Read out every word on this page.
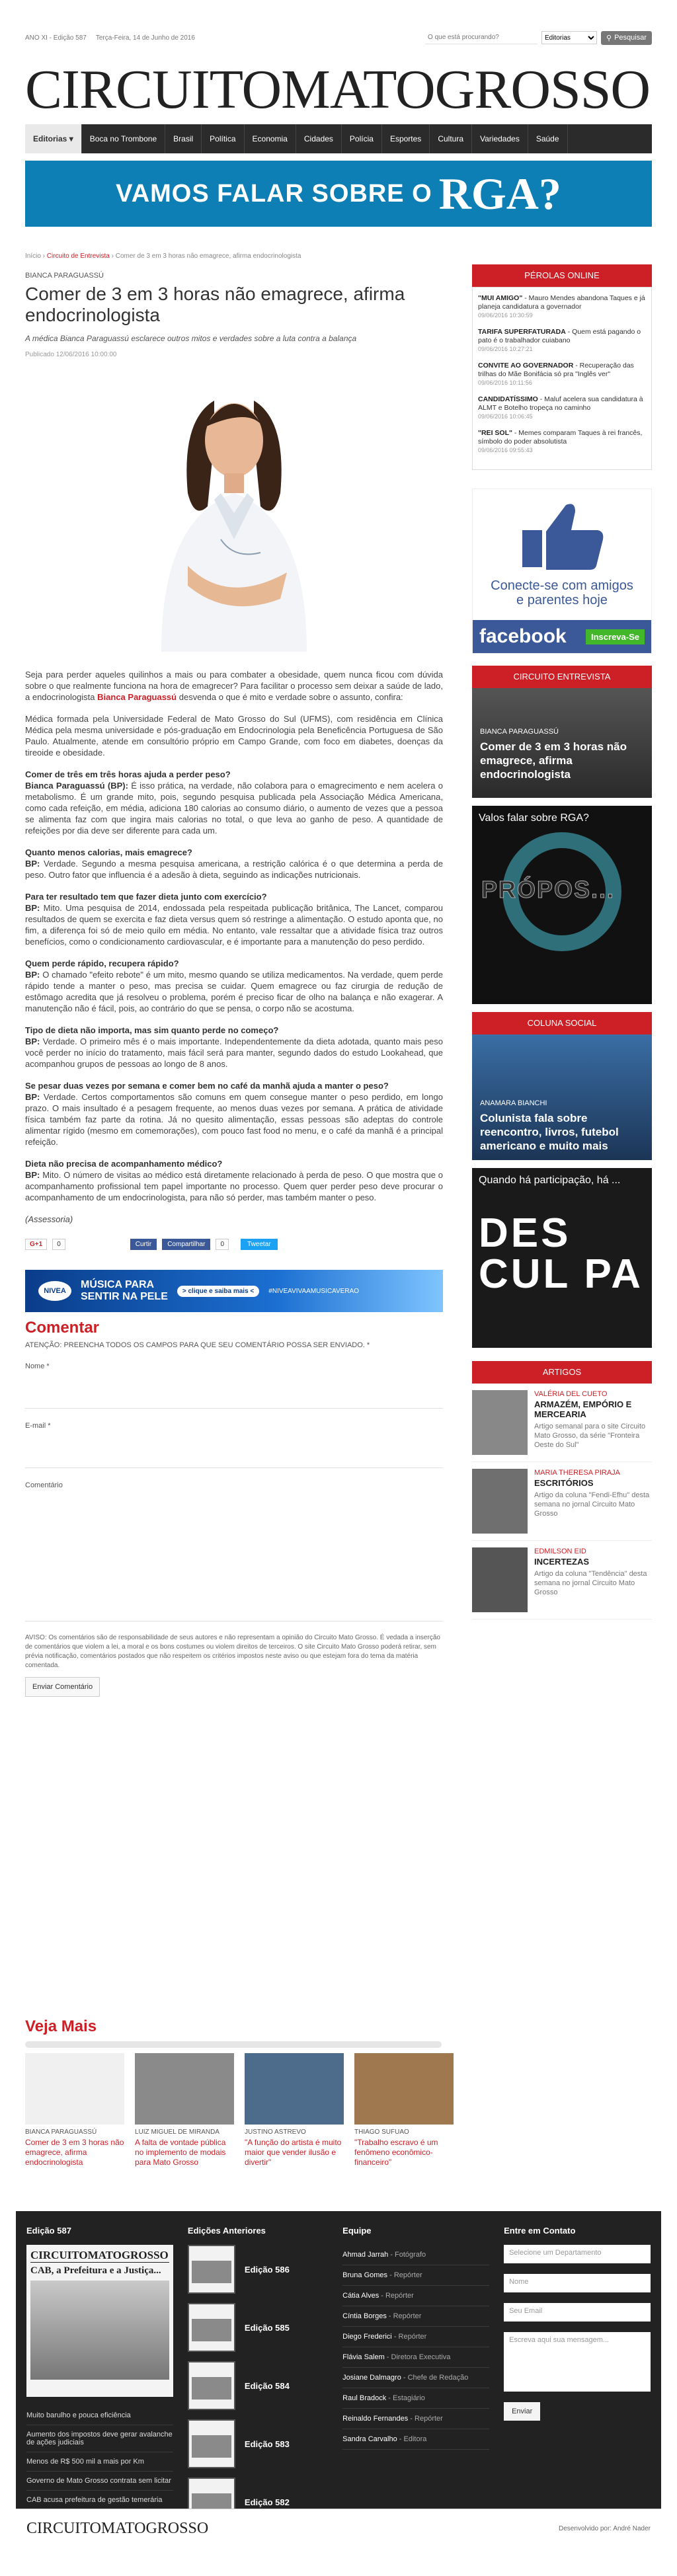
ANO XI - Edição 587 Terça-Feira, 14 de Junho de 2016
O que está procurando?
Editorias	⚲ Pesquisar
CIRCUITOMATOGROSSO
Editorias
▾	Boca no Trombone	Brasil	Política	Economia	Cidades	Polícia	Esportes	Cultura	Variedades	Saúde
VAMOS FALAR SOBRE O RGA?
Início › Circuito de Entrevista › Comer de 3 em 3 horas não emagrece, afirma endocrinologista
BIANCA PARAGUASSÚ
Comer de 3 em 3 horas não emagrece, afirma endocrinologista
A médica Bianca Paraguassú esclarece outros mitos e verdades sobre a luta contra a balança
Publicado 12/06/2016 10:00:00

Seja para perder aqueles quilinhos a mais ou para combater a obesidade, quem nunca ficou com dúvida sobre o que realmente funciona na hora de emagrecer? Para facilitar o processo sem deixar a saúde de lado, a endocrinologista Bianca Paraguassú desvenda o que é mito e verdade sobre o assunto, confira:

Médica formada pela Universidade Federal de Mato Grosso do Sul (UFMS), com residência em Clínica Médica pela mesma universidade e pós-graduação em Endocrinologia pela Beneficência Portuguesa de São Paulo. Atualmente, atende em consultório próprio em Campo Grande, com foco em diabetes, doenças da tireoide e obesidade.

Comer de três em três horas ajuda a perder peso?
Bianca Paraguassú (BP): É isso prática, na verdade, não colabora para o emagrecimento e nem acelera o metabolismo. É um grande mito, pois, segundo pesquisa publicada pela Associação Médica Americana, como cada refeição, em média, adiciona 180 calorias ao consumo diário, o aumento de vezes que a pessoa se alimenta faz com que ingira mais calorias no total, o que leva ao ganho de peso. A quantidade de refeições por dia deve ser diferente para cada um.

Quanto menos calorias, mais emagrece?
BP: Verdade. Segundo a mesma pesquisa americana, a restrição calórica é o que determina a perda de peso. Outro fator que influencia é a adesão à dieta, seguindo as indicações nutricionais.

Para ter resultado tem que fazer dieta junto com exercício?
BP: Mito. Uma pesquisa de 2014, endossada pela respeitada publicação britânica, The Lancet, comparou resultados de quem se exercita e faz dieta versus quem só restringe a alimentação. O estudo aponta que, no fim, a diferença foi só de meio quilo em média. No entanto, vale ressaltar que a atividade física traz outros benefícios, como o condicionamento cardiovascular, e é importante para a manutenção do peso perdido.

Quem perde rápido, recupera rápido?
BP: O chamado "efeito rebote" é um mito, mesmo quando se utiliza medicamentos. Na verdade, quem perde rápido tende a manter o peso, mas precisa se cuidar. Quem emagrece ou faz cirurgia de redução de estômago acredita que já resolveu o problema, porém é preciso ficar de olho na balança e não exagerar. A manutenção não é fácil, pois, ao contrário do que se pensa, o corpo não se acostuma.

Tipo de dieta não importa, mas sim quanto perde no começo?
BP: Verdade. O primeiro mês é o mais importante. Independentemente da dieta adotada, quanto mais peso você perder no início do tratamento, mais fácil será para manter, segundo dados do estudo Lookahead, que acompanhou grupos de pessoas ao longo de 8 anos.

Se pesar duas vezes por semana e comer bem no café da manhã ajuda a manter o peso?
BP: Verdade. Certos comportamentos são comuns em quem consegue manter o peso perdido, em longo prazo. O mais insultado é a pesagem frequente, ao menos duas vezes por semana. A prática de atividade física também faz parte da rotina. Já no quesito alimentação, essas pessoas são adeptas do controle alimentar rígido (mesmo em comemorações), com pouco fast food no menu, e o café da manhã é a principal refeição.

Dieta não precisa de acompanhamento médico?
BP: Mito. O número de visitas ao médico está diretamente relacionado à perda de peso. O que mostra que o acompanhamento profissional tem papel importante no processo. Quem quer perder peso deve procurar o acompanhamento de um endocrinologista, para não só perder, mas também manter o peso.

(Assessoria)

G+1	0	Curtir	Compartilhar	0	Tweetar
NIVEA
MÚSICA PARA
SENTIR NA PELE	> clique e saiba mais <	#NIVEAVIVAAMUSICAVERAO
Comentar
ATENÇÃO: PREENCHA TODOS OS CAMPOS PARA QUE SEU COMENTÁRIO POSSA SER ENVIADO. *
Nome *
E-mail *
Comentário
AVISO: Os comentários são de responsabilidade de seus autores e não representam a opinião do Circuito Mato Grosso. É vedada a inserção de comentários que violem a lei, a moral e os bons costumes ou violem direitos de terceiros. O site Circuito Mato Grosso poderá retirar, sem prévia notificação, comentários postados que não respeitem os critérios impostos neste aviso ou que estejam fora do tema da matéria comentada.
Enviar Comentário
PÉROLAS ONLINE
"MUI AMIGO" - Mauro Mendes abandona Taques e já planeja candidatura a governador
09/06/2016 10:30:59
TARIFA SUPERFATURADA - Quem está pagando o pato é o trabalhador cuiabano
09/06/2016 10:27:21
CONVITE AO GOVERNADOR - Recuperação das trilhas do Mãe Bonifácia só pra "Inglês ver"
09/06/2016 10:11:56
CANDIDATÍSSIMO - Maluf acelera sua candidatura à ALMT e Botelho tropeça no caminho
09/06/2016 10:06:45
"REI SOL" - Memes comparam Taques à rei francês, símbolo do poder absolutista
09/06/2016 09:55:43
Conecte-se com amigos
e parentes hoje
facebook	Inscreva-Se
CIRCUITO ENTREVISTA
BIANCA PARAGUASSÚ
Comer de 3 em 3 horas não emagrece, afirma endocrinologista
Valos falar sobre RGA?
PRÓPOS...
COLUNA SOCIAL
ANAMARA BIANCHI
Colunista fala sobre reencontro, livros, futebol americano e muito mais
Quando há participação, há ...
DES CUL PA
ARTIGOS
VALÉRIA DEL CUETO
ARMAZÉM, EMPÓRIO E MERCEARIA
Artigo semanal para o site Circuito Mato Grosso, da série "Fronteira Oeste do Sul"
MARIA THERESA PIRAJA
ESCRITÓRIOS
Artigo da coluna "Fendi-Efhu" desta semana no jornal Circuito Mato Grosso
EDMILSON EID
INCERTEZAS
Artigo da coluna "Tendência" desta semana no jornal Circuito Mato Grosso
Veja Mais
BIANCA PARAGUASSÚ
Comer de 3 em 3 horas não emagrece, afirma endocrinologista
LUIZ MIGUEL DE MIRANDA
A falta de vontade pública no implemento de modais para Mato Grosso
JUSTINO ASTREVO
"A função do artista é muito maior que vender ilusão e divertir"
THIAGO SUFUAO
"Trabalho escravo é um fenômeno econômico-financeiro"
Edição 587
CIRCUITOMATOGROSSO
CAB, a Prefeitura e a Justiça...
Muito barulho e pouca eficiência
Aumento dos impostos deve gerar avalanche de ações judiciais
Menos de R$ 500 mil a mais por Km
Governo de Mato Grosso contrata sem licitar
CAB acusa prefeitura de gestão temerária
Edições Anteriores
Edição 586
Edição 585
Edição 584
Edição 583
Edição 582
Equipe
Ahmad Jarrah - Fotógrafo
Bruna Gomes - Repórter
Cátia Alves - Repórter
Cíntia Borges - Repórter
Diego Frederici - Repórter
Flávia Salem - Diretora Executiva
Josiane Dalmagro - Chefe de Redação
Raul Bradock - Estagiário
Reinaldo Fernandes - Repórter
Sandra Carvalho - Editora
Entre em Contato
Selecione um Departamento
Nome
Seu Email
Escreva aqui sua mensagem...
Enviar
CIRCUITOMATOGROSSO	Desenvolvido por: André Nader
